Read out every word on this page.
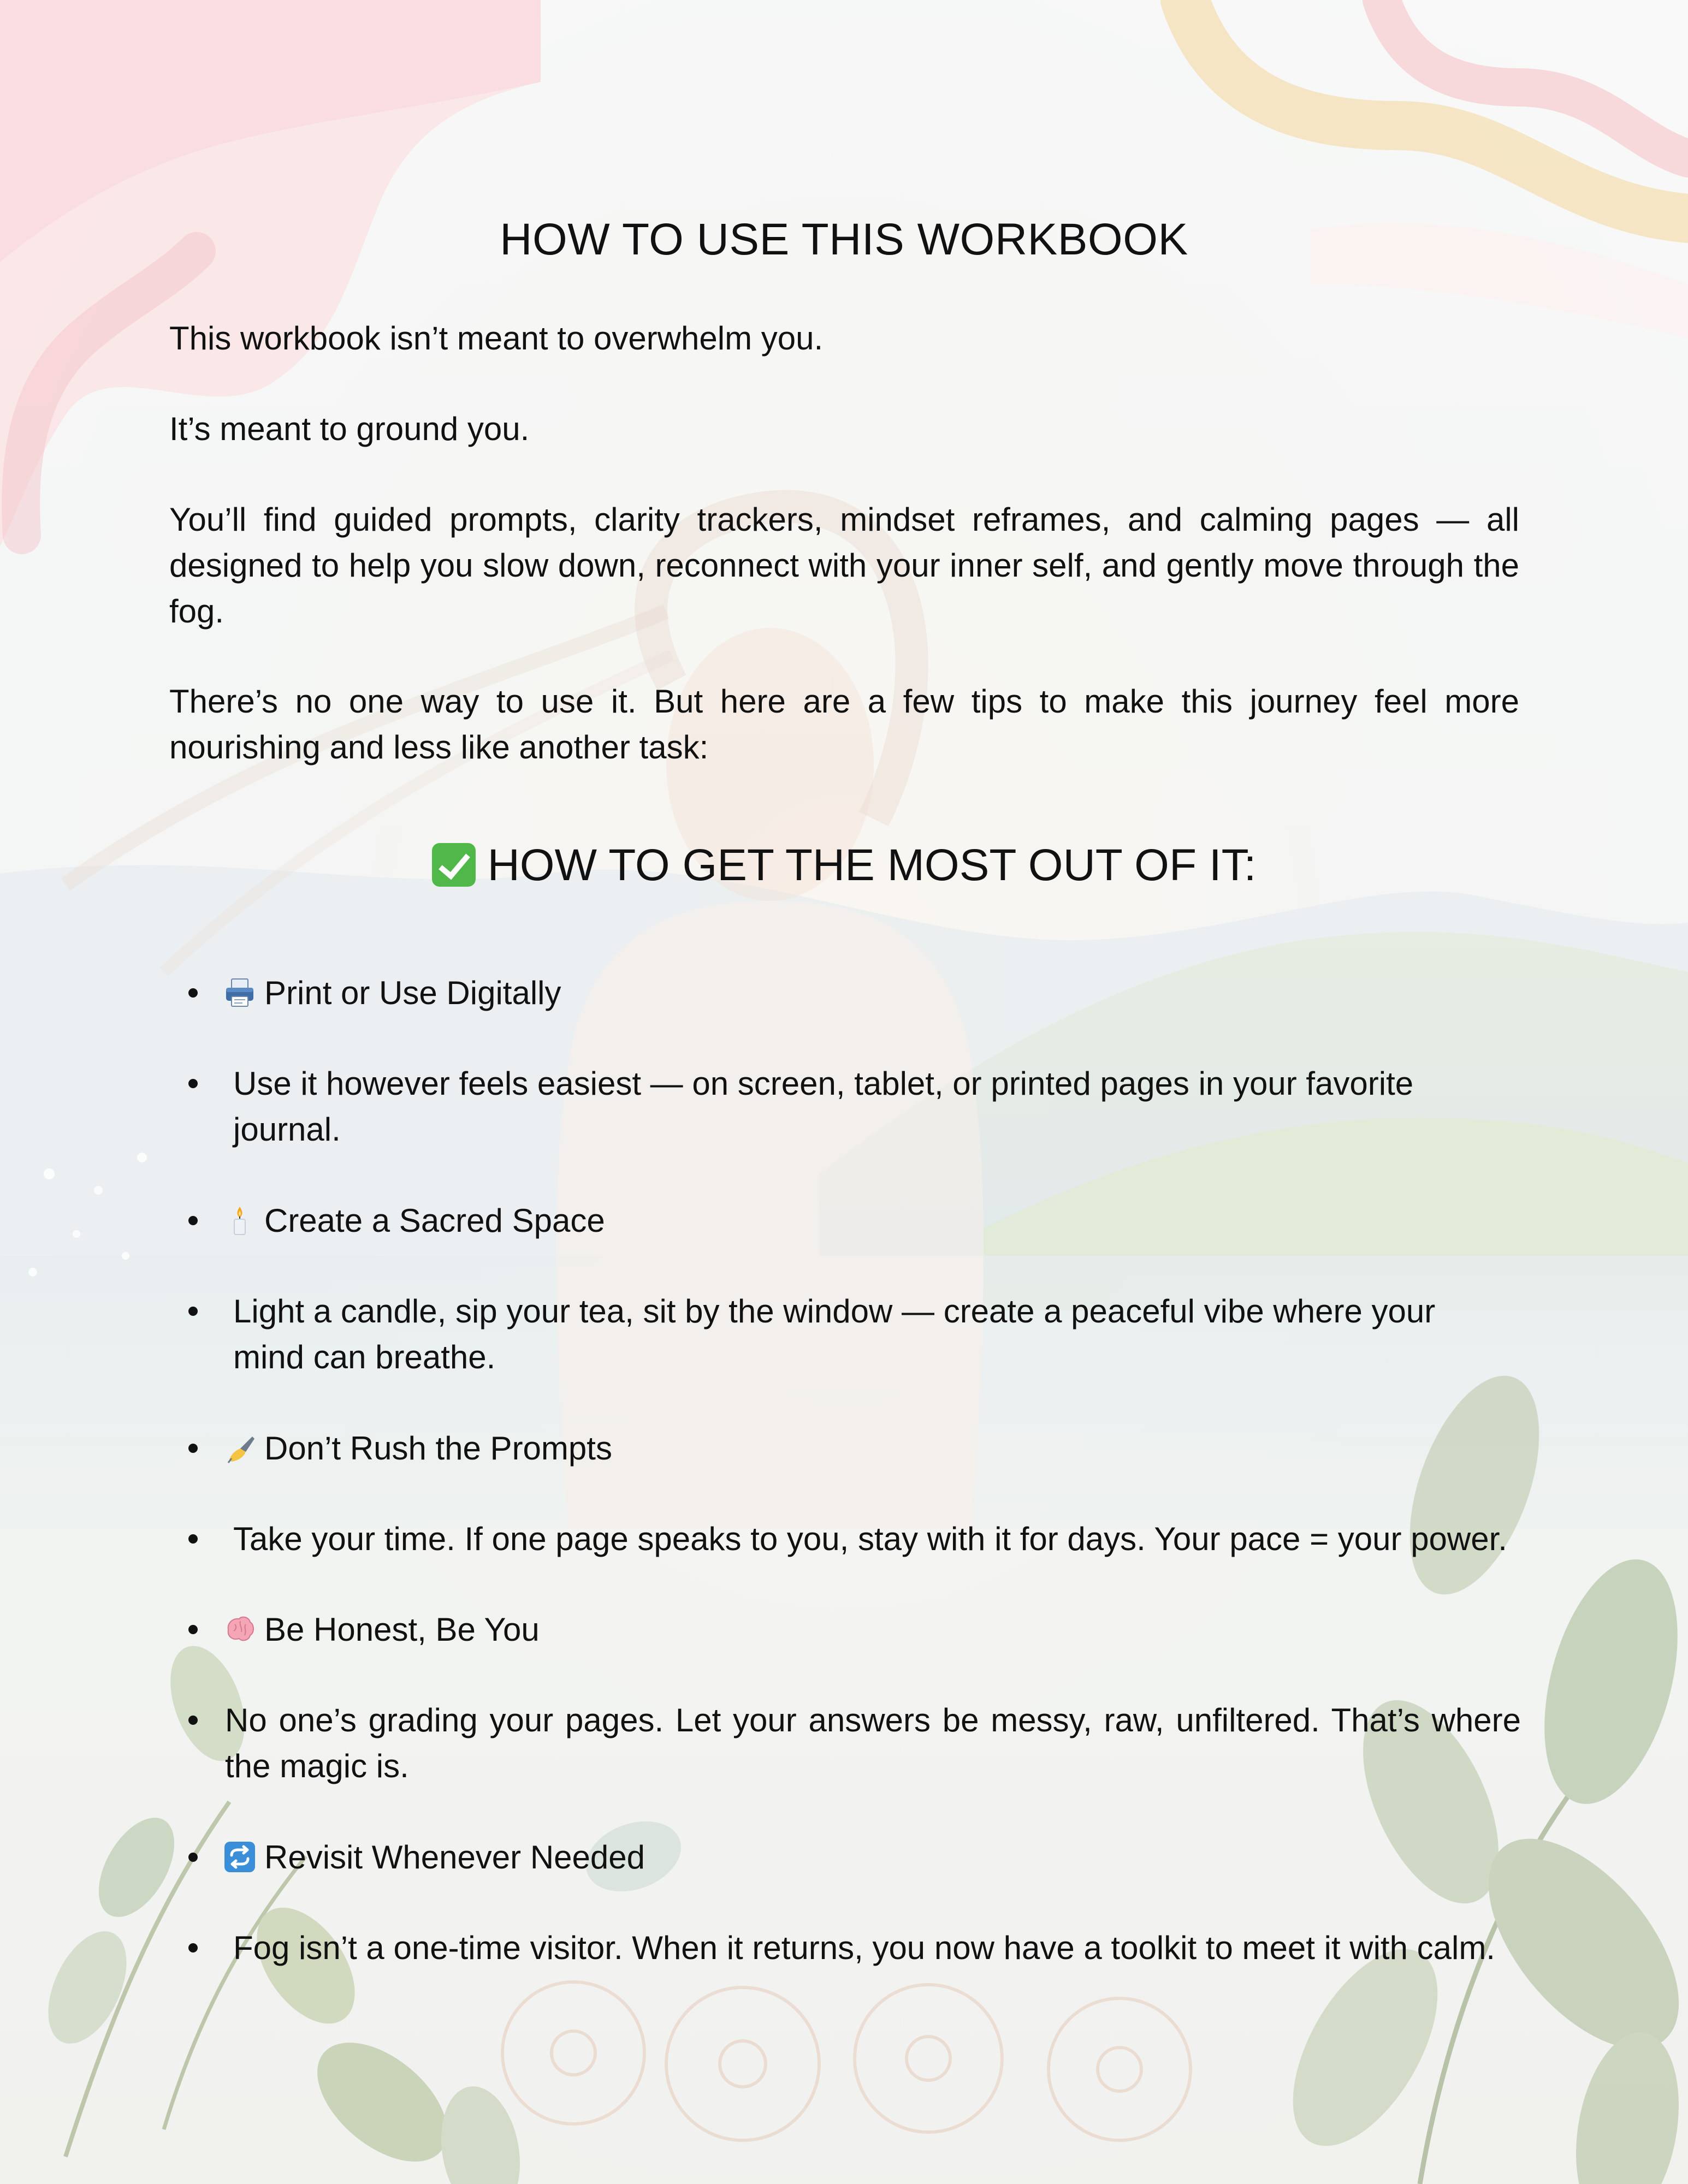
HOW TO USE THIS WORKBOOK

This workbook isn’t meant to overwhelm you.

It’s meant to ground you.

You’ll find guided prompts, clarity trackers, mindset reframes, and calming pages — all designed to help you slow down, reconnect with your inner self, and gently move through the fog.

There’s no one way to use it. But here are a few tips to make this journey feel more nourishing and less like another task:

HOW TO GET THE MOST OUT OF IT:
Print or Use Digitally
Use it however feels easiest — on screen, tablet, or printed pages in your favorite journal.
Create a Sacred Space
Light a candle, sip your tea, sit by the window — create a peaceful vibe where your mind can breathe.
Don’t Rush the Prompts
Take your time. If one page speaks to you, stay with it for days. Your pace = your power.
Be Honest, Be You
No one’s grading your pages. Let your answers be messy, raw, unfiltered. That’s where the magic is.
Revisit Whenever Needed
Fog isn’t a one-time visitor. When it returns, you now have a toolkit to meet it with calm.
